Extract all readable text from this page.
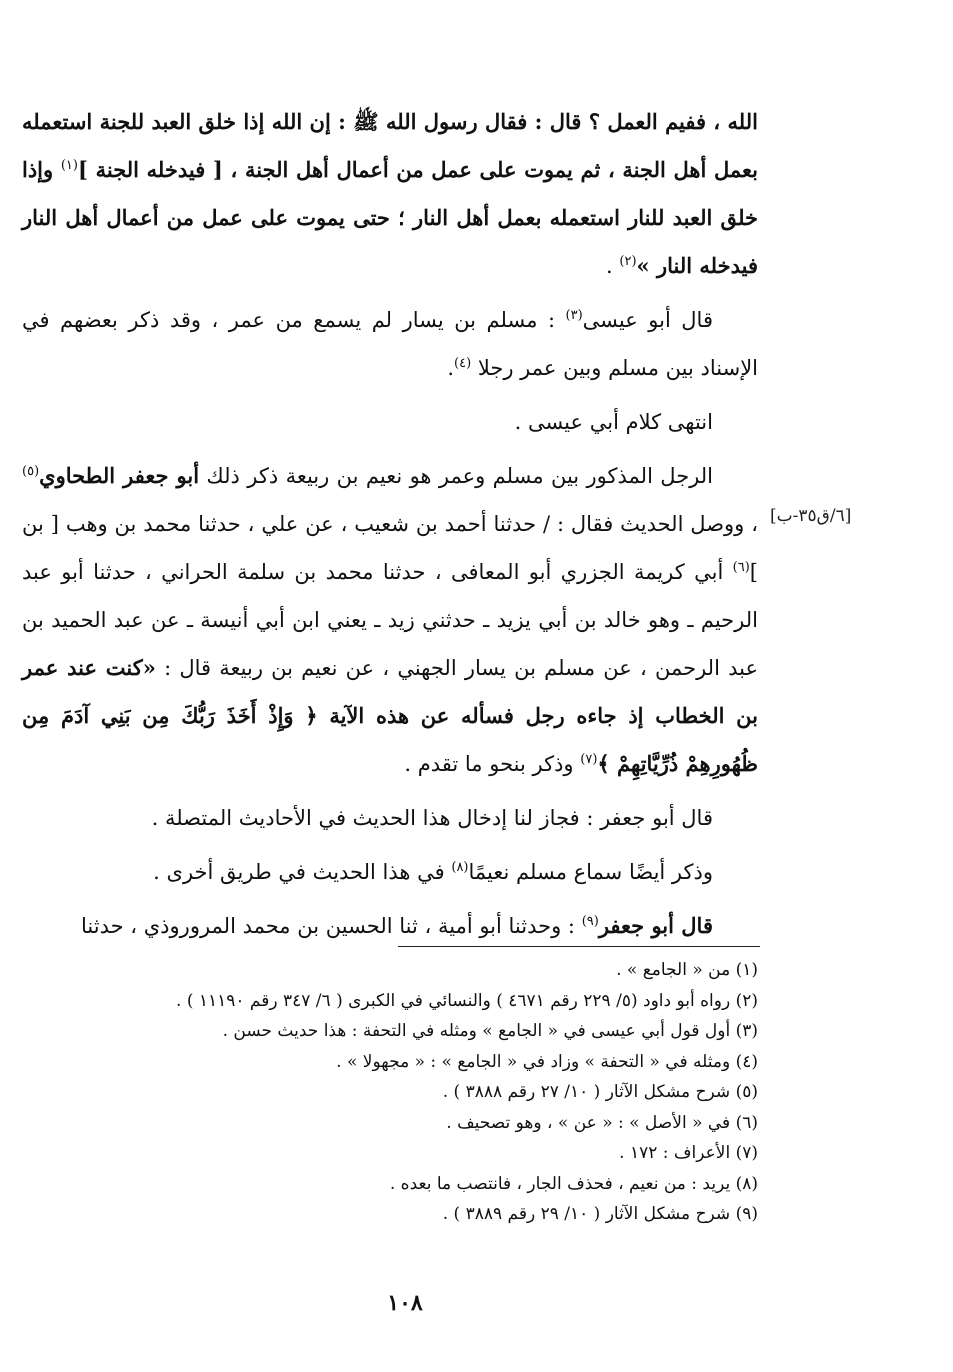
[٦/ق٣٥-ب]

الله ، ففيم العمل ؟ قال : فقال رسول الله ﷺ : إن الله إذا خلق العبد للجنة استعمله بعمل أهل الجنة ، ثم يموت على عمل من أعمال أهل الجنة ، [ فيدخله الجنة ]$^{(١)}$ وإذا خلق العبد للنار استعمله بعمل أهل النار ؛ حتى يموت على عمل من أعمال أهل النار فيدخله النار »$^{(٢)}$ .

قال أبو عيسى$^{(٣)}$ : مسلم بن يسار لم يسمع من عمر ، وقد ذكر بعضهم في الإسناد بين مسلم وبين عمر رجلا $^{(٤)}$.

انتهى كلام أبي عيسى .

الرجل المذكور بين مسلم وعمر هو نعيم بن ربيعة ذكر ذلك أبو جعفر الطحاوي$^{(٥)}$ ، ووصل الحديث فقال : / حدثنا أحمد بن شعيب ، عن علي ، حدثنا محمد بن وهب [ بن ]$^{(٦)}$ أبي كريمة الجزري أبو المعافى ، حدثنا محمد بن سلمة الحراني ، حدثنا أبو عبد الرحيم ـ وهو خالد بن أبي يزيد ـ حدثني زيد ـ يعني ابن أبي أنيسة ـ عن عبد الحميد بن عبد الرحمن ، عن مسلم بن يسار الجهني ، عن نعيم بن ربيعة قال : «كنت عند عمر بن الخطاب إذ جاءه رجل فسأله عن هذه الآية ﴿ وَإِذْ أَخَذَ رَبُّكَ مِن بَنِي آدَمَ مِن ظُهُورِهِمْ ذُرِّيَّاتِهِمْ ﴾$^{(٧)}$ وذكر بنحو ما تقدم .

قال أبو جعفر : فجاز لنا إدخال هذا الحديث في الأحاديث المتصلة .

وذكر أيضًا سماع مسلم نعيمًا$^{(٨)}$ في هذا الحديث في طريق أخرى .

قال أبو جعفر$^{(٩)}$ : وحدثنا أبو أمية ، ثنا الحسين بن محمد المروروذي ، حدثنا

(١) من « الجامع » .
(٢) رواه أبو داود (٥/ ٢٢٩ رقم ٤٦٧١ ) والنسائي في الكبرى ( ٦/ ٣٤٧ رقم ١١١٩٠ ) .
(٣) أول قول أبي عيسى في « الجامع » ومثله في التحفة : هذا حديث حسن .
(٤) ومثله في « التحفة » وزاد في « الجامع » : « مجهولا » .
(٥) شرح مشكل الآثار ( ١٠/ ٢٧ رقم ٣٨٨٨ ) .
(٦) في « الأصل » : « عن » ، وهو تصحيف .
(٧) الأعراف : ١٧٢ .
(٨) يريد : من نعيم ، فحذف الجار ، فانتصب ما بعده .
(٩) شرح مشكل الآثار ( ١٠/ ٢٩ رقم ٣٨٨٩ ) .
١٠٨
